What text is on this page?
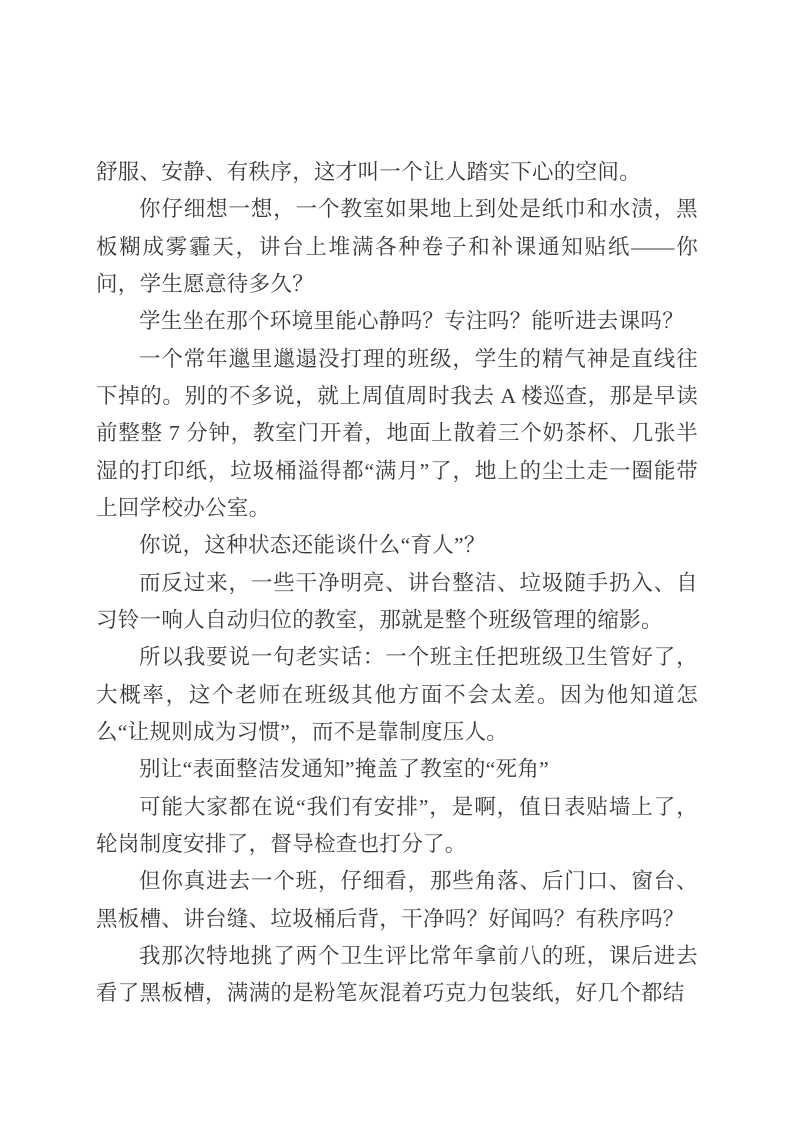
舒服、安静、有秩序，这才叫一个让人踏实下心的空间。

你仔细想一想，一个教室如果地上到处是纸巾和水渍，黑板糊成雾霾天，讲台上堆满各种卷子和补课通知贴纸——你问，学生愿意待多久？

学生坐在那个环境里能心静吗？专注吗？能听进去课吗？

一个常年邋里邋遢没打理的班级，学生的精气神是直线往下掉的。别的不多说，就上周值周时我去 A 楼巡查，那是早读前整整 7 分钟，教室门开着，地面上散着三个奶茶杯、几张半湿的打印纸，垃圾桶溢得都“满月”了，地上的尘土走一圈能带上回学校办公室。

你说，这种状态还能谈什么“育人”？

而反过来，一些干净明亮、讲台整洁、垃圾随手扔入、自习铃一响人自动归位的教室，那就是整个班级管理的缩影。

所以我要说一句老实话：一个班主任把班级卫生管好了，大概率，这个老师在班级其他方面不会太差。因为他知道怎么“让规则成为习惯”，而不是靠制度压人。

别让“表面整洁发通知”掩盖了教室的“死角”

可能大家都在说“我们有安排”，是啊，值日表贴墙上了，轮岗制度安排了，督导检查也打分了。

但你真进去一个班，仔细看，那些角落、后门口、窗台、黑板槽、讲台缝、垃圾桶后背，干净吗？好闻吗？有秩序吗？

我那次特地挑了两个卫生评比常年拿前八的班，课后进去看了黑板槽，满满的是粉笔灰混着巧克力包装纸，好几个都结
